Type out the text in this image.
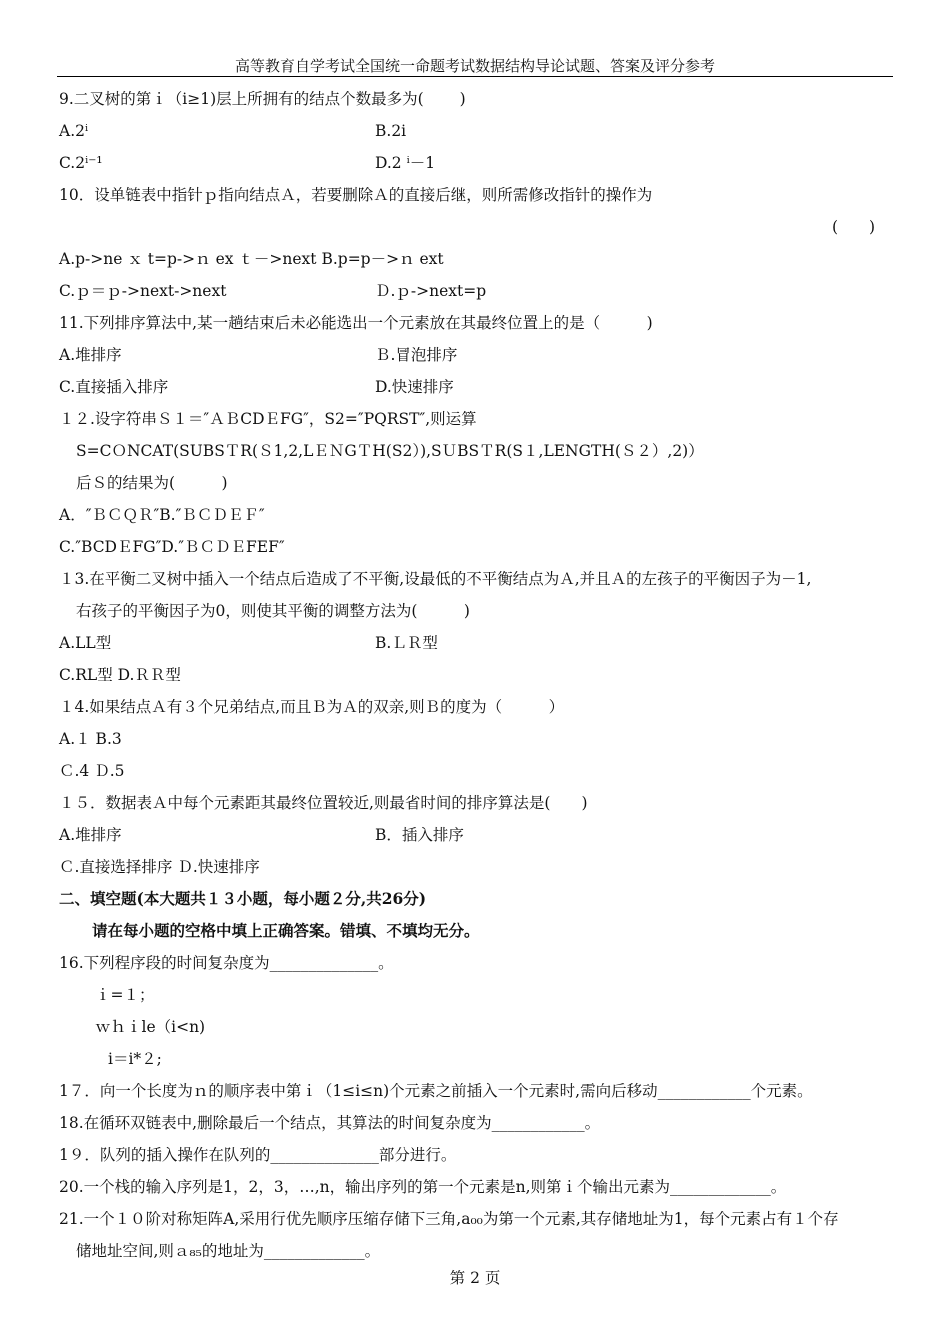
高等教育自学考试全国统一命题考试数据结构导论试题、答案及评分参考
9.二叉树的第ｉ（i≥1)层上所拥有的结点个数最多为(　　 )
A.2ⁱ	B.2i
C.2ⁱ⁻¹	D.2 ⁱ－1
10．设单链表中指针ｐ指向结点Ａ，若要删除Ａ的直接后继，则所需修改指针的操作为
(　　)
A.p->ne ｘ t=p->ｎ ex ｔ－>next B.p=p－>ｎ ext
C.ｐ＝ｐ->next->next	Ｄ.ｐ->next=p
11.下列排序算法中,某一趟结束后未必能选出一个元素放在其最终位置上的是（　　　)
A.堆排序	Ｂ.冒泡排序
C.直接插入排序	D.快速排序
１２.设字符串Ｓ１＝″ＡＢCDＥFG″，S2=″PQRST″,则运算
S=CＯNCAT(SUBSＴR(Ｓ1,2,LＥＮGＴH(S2）),SＵBSＴR(S１,LENGTH(Ｓ２）,2)）
后Ｓ的结果为(　　　)
A．″ＢＣＱＲ″B.″ＢＣＤＥＦ″
C.″BCDＥFG″D.″ＢＣＤＥFEF″
１3.在平衡二叉树中插入一个结点后造成了不平衡,设最低的不平衡结点为Ａ,并且Ａ的左孩子的平衡因子为－1,
右孩子的平衡因子为0，则使其平衡的调整方法为(　　　)
A.LL型	B.ＬＲ型
C.RL型 D.ＲＲ型
１4.如果结点Ａ有３个兄弟结点,而且Ｂ为Ａ的双亲,则Ｂ的度为（　　　）
A.１ B.3
Ｃ.4 Ｄ.5
１５．数据表Ａ中每个元素距其最终位置较近,则最省时间的排序算法是(　　)
A.堆排序	B．插入排序
Ｃ.直接选择排序 Ｄ.快速排序
二、填空题(本大题共１３小题，每小题２分,共26分)
请在每小题的空格中填上正确答案。错填、不填均无分。
16.下列程序段的时间复杂度为______________。
ｉ=１；
ｗｈｉle（i<n)
i＝i*２;
1７．向一个长度为ｎ的顺序表中第ｉ（1≤i≤n)个元素之前插入一个元素时,需向后移动____________个元素。
18.在循环双链表中,删除最后一个结点，其算法的时间复杂度为____________。
1９．队列的插入操作在队列的______________部分进行。
20.一个栈的输入序列是1，2，3，…,n，输出序列的第一个元素是n,则第ｉ个输出元素为_____________。
21.一个１０阶对称矩阵A,采用行优先顺序压缩存储下三角,a₀₀为第一个元素,其存储地址为1，每个元素占有１个存
储地址空间,则ａ₈₅的地址为_____________。
第 2 页
